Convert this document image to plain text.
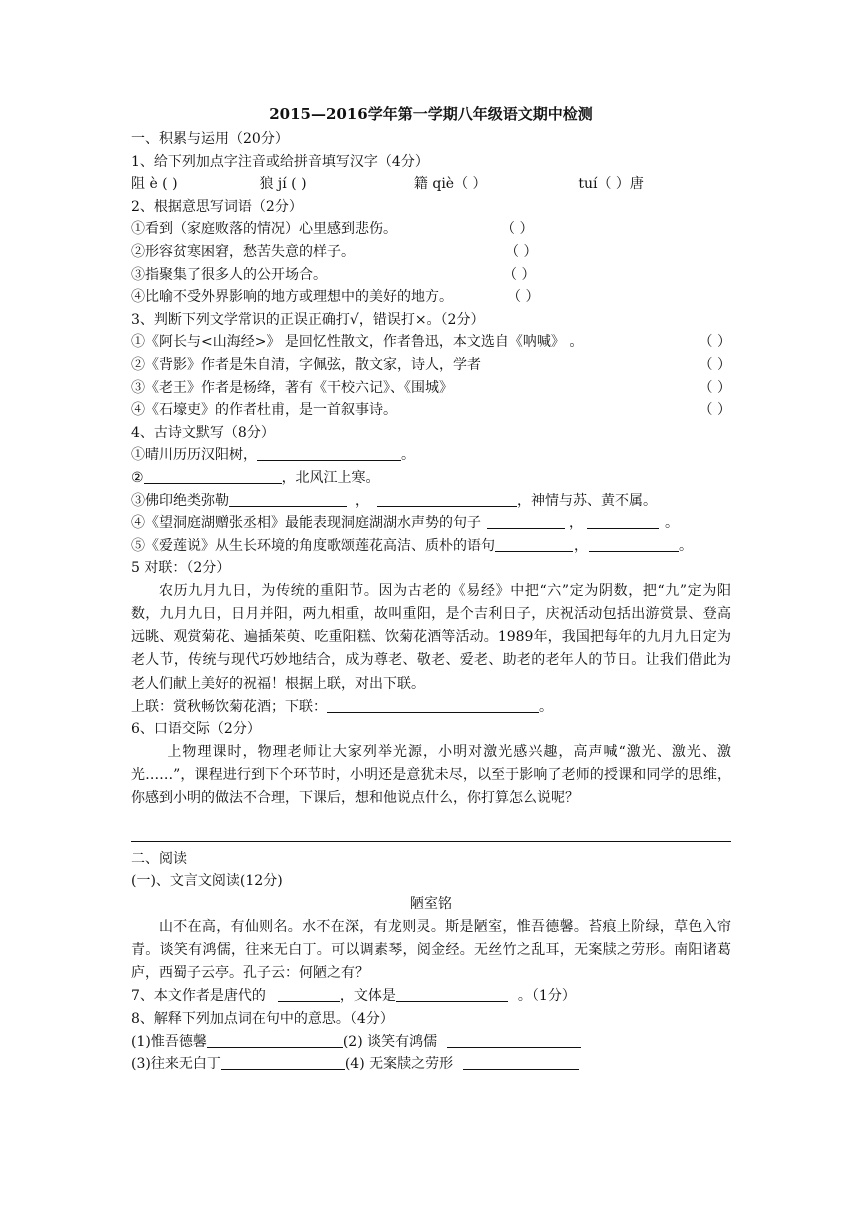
2015—2016学年第一学期八年级语文期中检测
一、积累与运用（20分）
1、给下列加点字注音或给拼音填写汉字（4分）
阻 è ( )	狼 jí ( )	籍 qiè（ ）	tuí（ ）唐
2、根据意思写词语（2分）
①看到（家庭败落的情况）心里感到悲伤。	（ ）
②形容贫寒困窘，愁苦失意的样子。	（ ）
③指聚集了很多人的公开场合。	（ ）
④比喻不受外界影响的地方或理想中的美好的地方。	（ ）
3、判断下列文学常识的正误正确打√，错误打×。（2分）
①《阿长与<山海经>》 是回忆性散文，作者鲁迅，本文选自《呐喊》 。	（ ）
②《背影》作者是朱自清，字佩弦，散文家，诗人，学者	（ ）
③《老王》作者是杨绛，著有《干校六记》、《围城》	（ ）
④《石壕吏》的作者杜甫，是一首叙事诗。	（ ）
4、古诗文默写（8分）
①晴川历历汉阳树，	。
②	，北风江上寒。
③佛印绝类弥勒	，	，神情与苏、黄不属。
④《望洞庭湖赠张丞相》最能表现洞庭湖湖水声势的句子	，	。
⑤《爱莲说》从生长环境的角度歌颂莲花高洁、质朴的语句	，	。
5 对联：（2分）
农历九月九日，为传统的重阳节。因为古老的《易经》中把“六”定为阴数，把“九”定为阳数，九月九日，日月并阳，两九相重，故叫重阳，是个吉利日子，庆祝活动包括出游赏景、登高远眺、观赏菊花、遍插茱萸、吃重阳糕、饮菊花酒等活动。1989年，我国把每年的九月九日定为老人节，传统与现代巧妙地结合，成为尊老、敬老、爱老、助老的老年人的节日。让我们借此为老人们献上美好的祝福！根据上联，对出下联。
上联：赏秋畅饮菊花酒；下联：	。
6、口语交际（2分）
上物理课时，物理老师让大家列举光源，小明对激光感兴趣，高声喊“激光、激光、激光……”，课程进行到下个环节时，小明还是意犹未尽，以至于影响了老师的授课和同学的思维，你感到小明的做法不合理，下课后，想和他说点什么，你打算怎么说呢？
二、阅读
(一)、文言文阅读(12分)
陋室铭
山不在高，有仙则名。水不在深，有龙则灵。斯是陋室，惟吾德馨。苔痕上阶绿，草色入帘青。谈笑有鸿儒，往来无白丁。可以调素琴，阅金经。无丝竹之乱耳，无案牍之劳形。南阳诸葛庐，西蜀子云亭。孔子云：何陋之有？
7、本文作者是唐代的	，文体是	。（1分）
8、解释下列加点词在句中的意思。（4分）
(1)惟吾德馨	(2) 谈笑有鸿儒
(3)往来无白丁	(4) 无案牍之劳形
